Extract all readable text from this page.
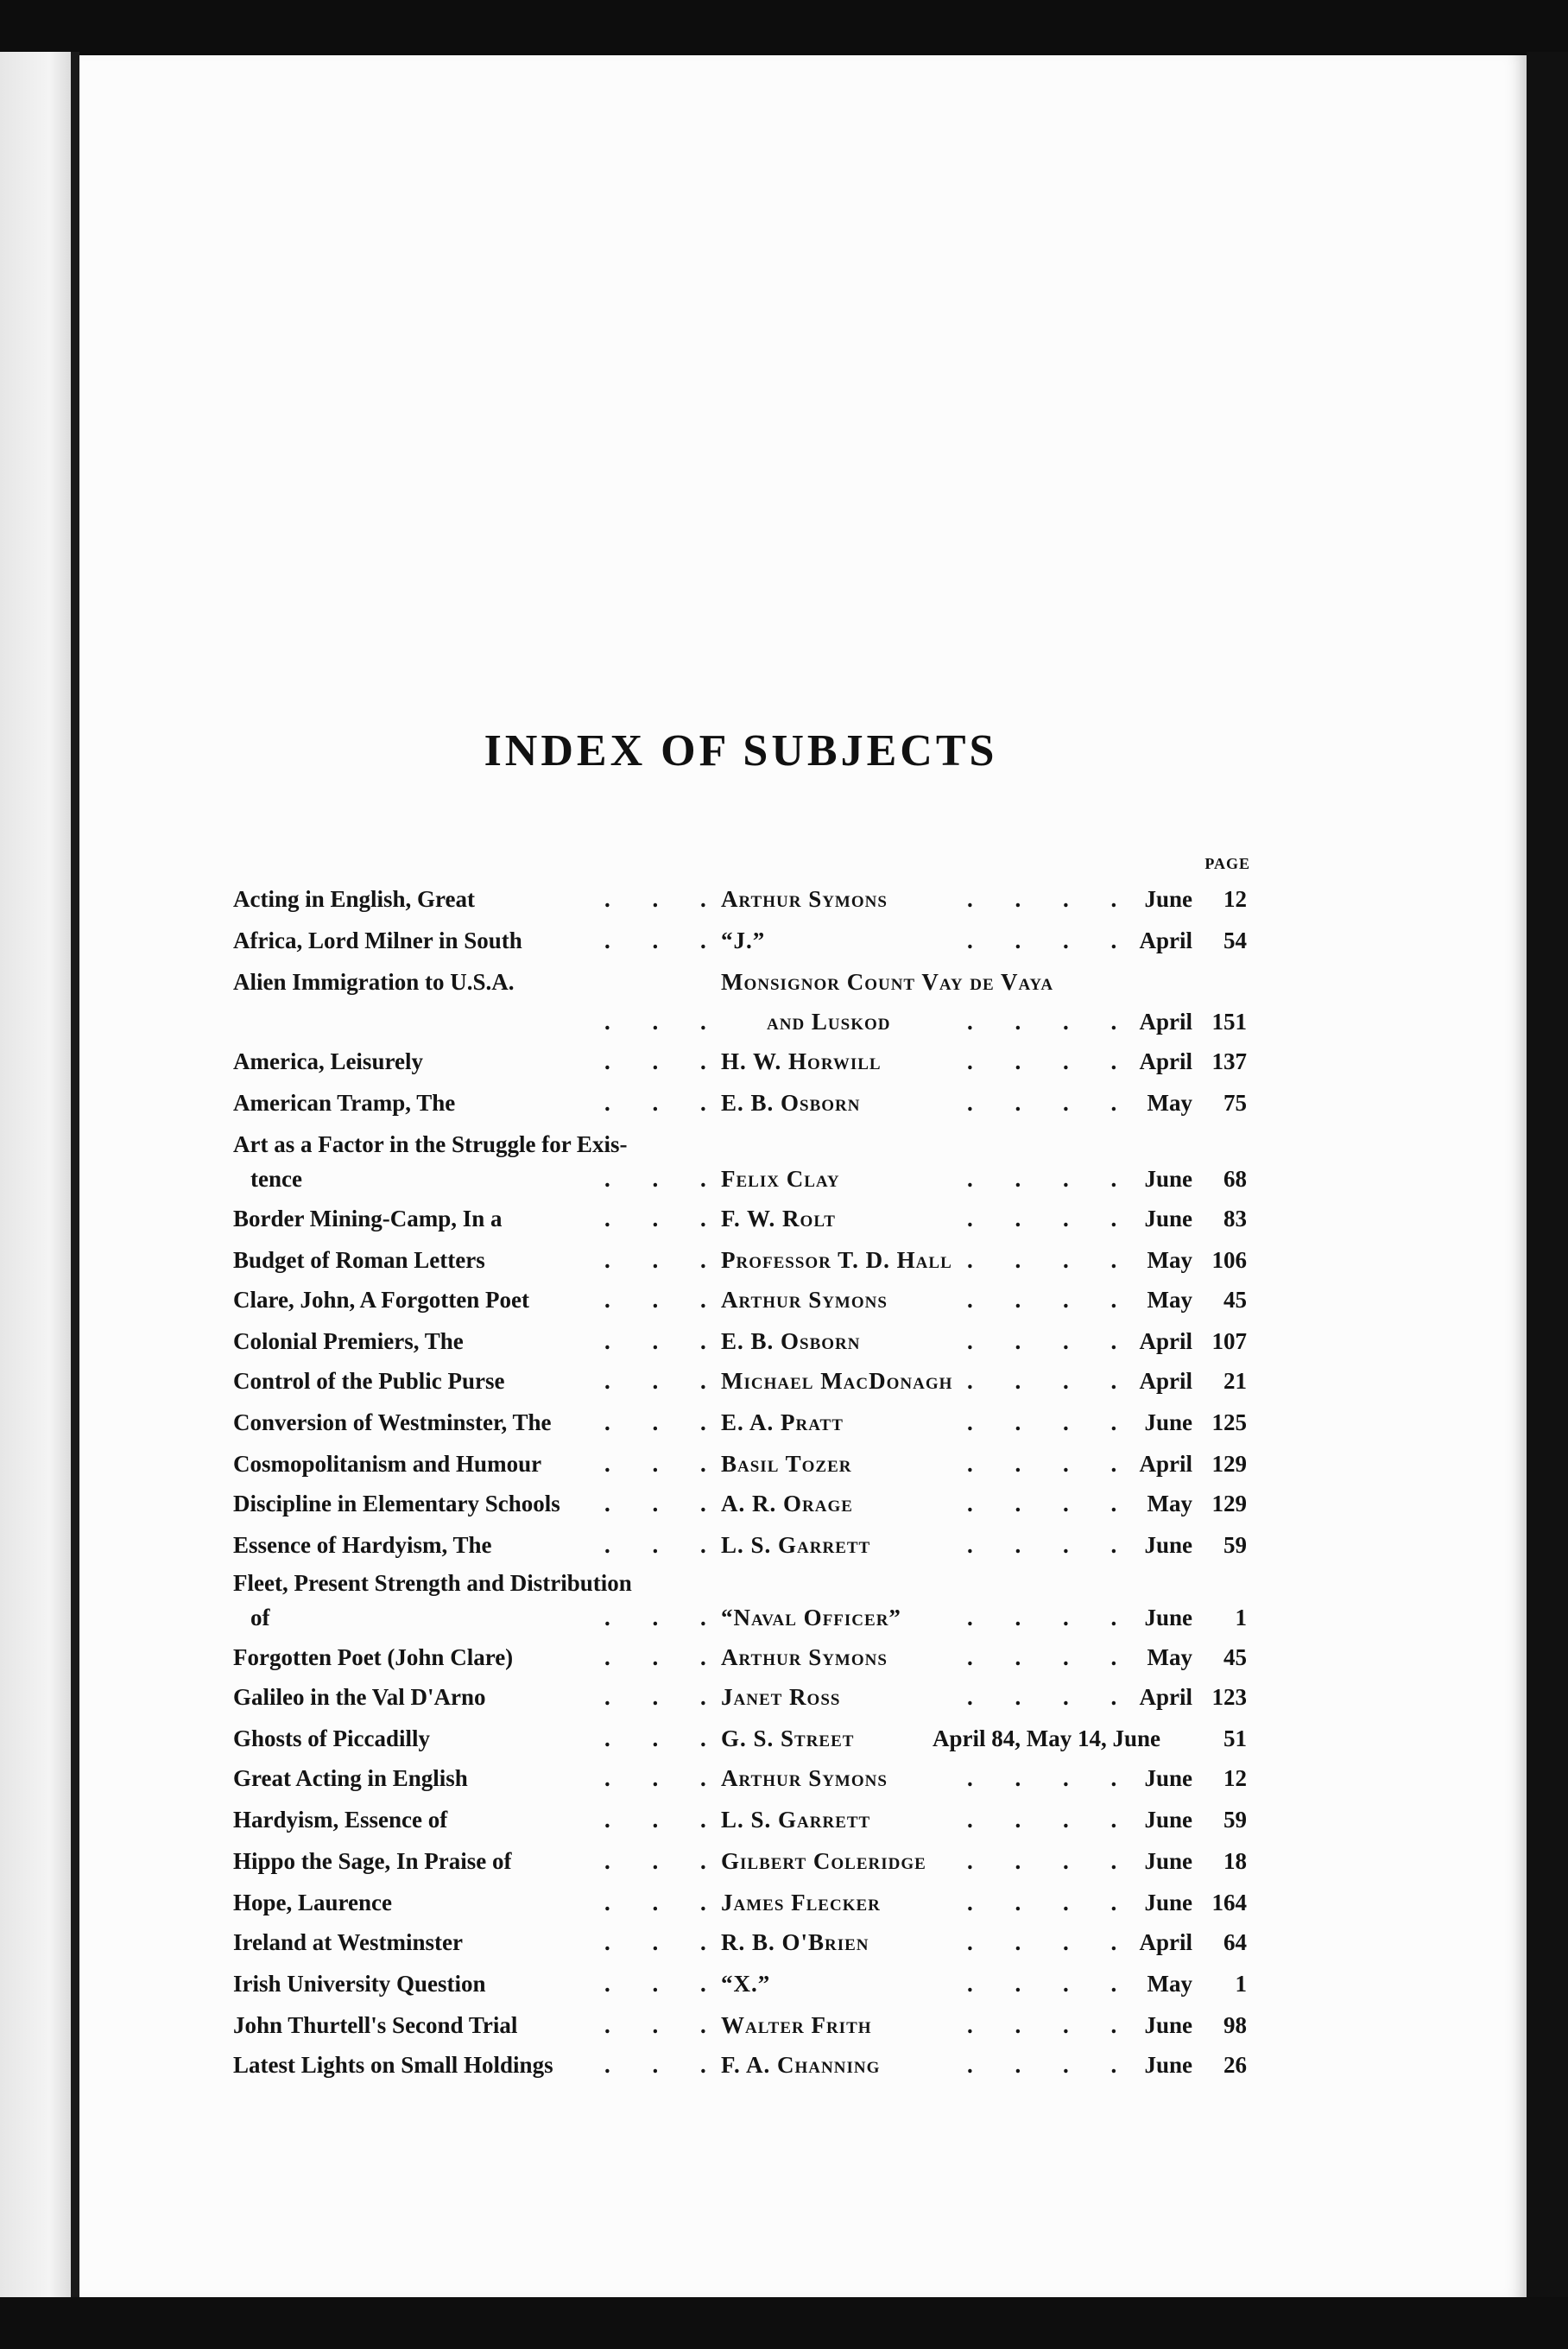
INDEX OF SUBJECTS
PAGE
Acting in English, Great	Arthur Symons	June	12
. . .	. . . .
Africa, Lord Milner in South	“J.”	April	54
. . .	. . . .
Alien Immigration to U.S.A.	Monsignor Count Vay de Vaya
and Luskod	April 151
. . .	. . . .
America, Leisurely	H. W. Horwill	April 137
. . .	. . . .
American Tramp, The	E. B. Osborn	May	75
. . .	. . . .
Art as a Factor in the Struggle for Exis-
tence	Felix Clay	June	68
. . .	. . . .
Border Mining-Camp, In a	F. W. Rolt	June	83
. . .	. . . .
Budget of Roman Letters	Professor T. D. Hall	May 106
. . .	. . . .
Clare, John, A Forgotten Poet	Arthur Symons	May	45
. . .	. . . .
Colonial Premiers, The	E. B. Osborn	April 107
. . .	. . . .
Control of the Public Purse	Michael MacDonagh	April	21
. . .	. . . .
Conversion of Westminster, The	E. A. Pratt	June 125
. . .	. . . .
Cosmopolitanism and Humour	Basil Tozer	April 129
. . .	. . . .
Discipline in Elementary Schools	A. R. Orage	May 129
. . .	. . . .
Essence of Hardyism, The	L. S. Garrett	June	59
. . .	. . . .
Fleet, Present Strength and Distribution
of	“Naval Officer”	June	1
. . .	. . . .
Forgotten Poet (John Clare)	Arthur Symons	May	45
. . .	. . . .
Galileo in the Val D'Arno	Janet Ross	April 123
. . .	. . . .
Ghosts of Piccadilly	G. S. Street	April 84, May 14, June	51
. . .
Great Acting in English	Arthur Symons	June	12
. . .	. . . .
Hardyism, Essence of	L. S. Garrett	June	59
. . .	. . . .
Hippo the Sage, In Praise of	Gilbert Coleridge	June	18
. . .	. . . .
Hope, Laurence	James Flecker	June 164
. . .	. . . .
Ireland at Westminster	R. B. O'Brien	April	64
. . .	. . . .
Irish University Question	“X.”	May	1
. . .	. . . .
John Thurtell's Second Trial	Walter Frith	June	98
. . .	. . . .
Latest Lights on Small Holdings	F. A. Channing	June	26
. . .	. . . .
